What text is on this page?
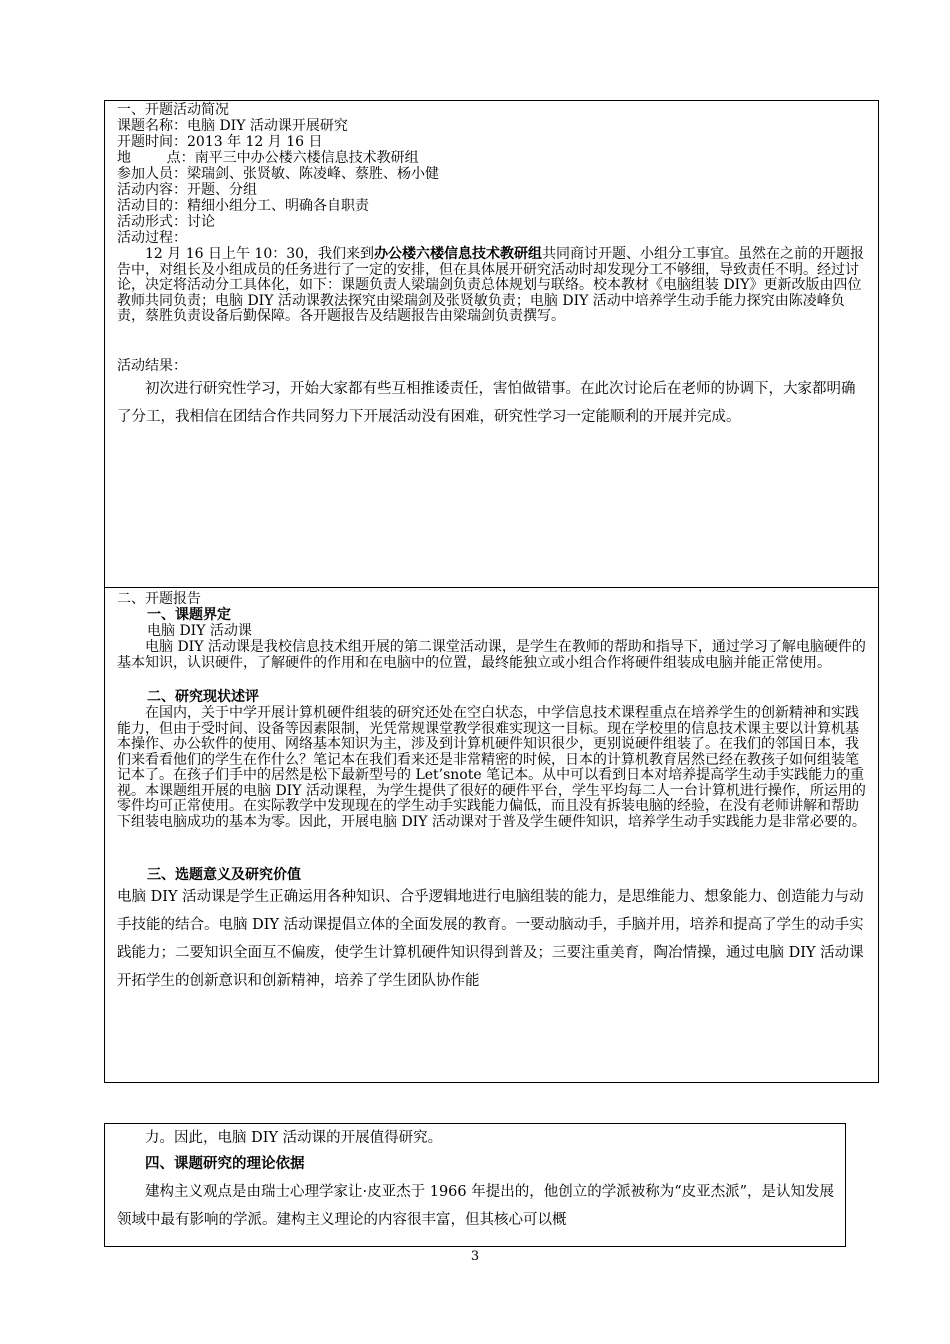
一、开题活动简况

课题名称：电脑 DIY 活动课开展研究

开题时间：2013 年 12 月 16 日

地        点：南平三中办公楼六楼信息技术教研组

参加人员：梁瑞剑、张贤敏、陈凌峰、蔡胜、杨小健

活动内容：开题、分组

活动目的：精细小组分工、明确各自职责

活动形式：讨论

活动过程：

12 月 16 日上午 10：30，我们来到办公楼六楼信息技术教研组共同商讨开题、小组分工事宜。虽然在之前的开题报告中，对组长及小组成员的任务进行了一定的安排，但在具体展开研究活动时却发现分工不够细，导致责任不明。经过讨论，决定将活动分工具体化，如下：课题负责人梁瑞剑负责总体规划与联络。校本教材《电脑组装 DIY》更新改版由四位教师共同负责；电脑 DIY 活动课教法探究由梁瑞剑及张贤敏负责；电脑 DIY 活动中培养学生动手能力探究由陈凌峰负责，蔡胜负责设备后勤保障。各开题报告及结题报告由梁瑞剑负责撰写。

活动结果：

初次进行研究性学习，开始大家都有些互相推诿责任，害怕做错事。在此次讨论后在老师的协调下，大家都明确了分工，我相信在团结合作共同努力下开展活动没有困难，研究性学习一定能顺利的开展并完成。

二、开题报告

一、课题界定

电脑 DIY 活动课

电脑 DIY 活动课是我校信息技术组开展的第二课堂活动课，是学生在教师的帮助和指导下，通过学习了解电脑硬件的基本知识，认识硬件，了解硬件的作用和在电脑中的位置，最终能独立或小组合作将硬件组装成电脑并能正常使用。

二、研究现状述评

在国内，关于中学开展计算机硬件组装的研究还处在空白状态，中学信息技术课程重点在培养学生的创新精神和实践能力，但由于受时间、设备等因素限制，光凭常规课堂教学很难实现这一目标。现在学校里的信息技术课主要以计算机基本操作、办公软件的使用、网络基本知识为主，涉及到计算机硬件知识很少，更别说硬件组装了。在我们的邻国日本，我们来看看他们的学生在作什么？笔记本在我们看来还是非常精密的时候，日本的计算机教育居然已经在教孩子如何组装笔记本了。在孩子们手中的居然是松下最新型号的 Let’snote 笔记本。从中可以看到日本对培养提高学生动手实践能力的重视。本课题组开展的电脑 DIY 活动课程，为学生提供了很好的硬件平台，学生平均每二人一台计算机进行操作，所运用的零件均可正常使用。在实际教学中发现现在的学生动手实践能力偏低，而且没有拆装电脑的经验，在没有老师讲解和帮助下组装电脑成功的基本为零。因此，开展电脑 DIY 活动课对于普及学生硬件知识，培养学生动手实践能力是非常必要的。

三、选题意义及研究价值

电脑 DIY 活动课是学生正确运用各种知识、合乎逻辑地进行电脑组装的能力，是思维能力、想象能力、创造能力与动手技能的结合。电脑 DIY 活动课提倡立体的全面发展的教育。一要动脑动手，手脑并用，培养和提高了学生的动手实践能力；二要知识全面互不偏废，使学生计算机硬件知识得到普及；三要注重美育，陶冶情操，通过电脑 DIY 活动课开拓学生的创新意识和创新精神，培养了学生团队协作能

力。因此，电脑 DIY 活动课的开展值得研究。

四、课题研究的理论依据

建构主义观点是由瑞士心理学家让·皮亚杰于 1966 年提出的，他创立的学派被称为“皮亚杰派”，是认知发展领域中最有影响的学派。建构主义理论的内容很丰富，但其核心可以概

3
